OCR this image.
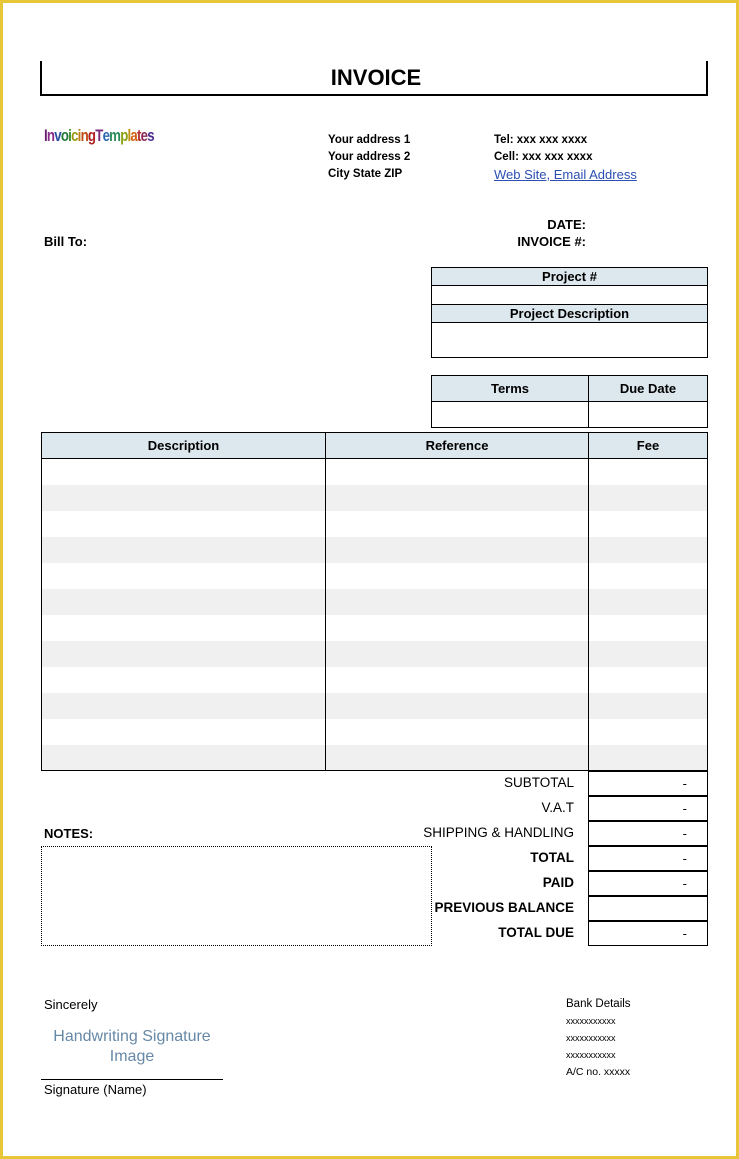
INVOICE
InvoicingTemplates	Your address 1
Your address 2
City State ZIP
Tel: xxx xxx xxxx
Cell: xxx xxx xxxx
Web Site, Email Address
Bill To:
DATE:
INVOICE #:
Project #

Project Description

Terms	Due Date

Description	Reference	Fee

SUBTOTAL	-
V.A.T	-
SHIPPING & HANDLING	-
TOTAL	-
PAID	-
PREVIOUS BALANCE
TOTAL DUE	-
NOTES:
Sincerely
Handwriting Signature
Image
Signature (Name)
Bank Details
xxxxxxxxxxx
xxxxxxxxxxx
xxxxxxxxxxx
A/C no. xxxxx
